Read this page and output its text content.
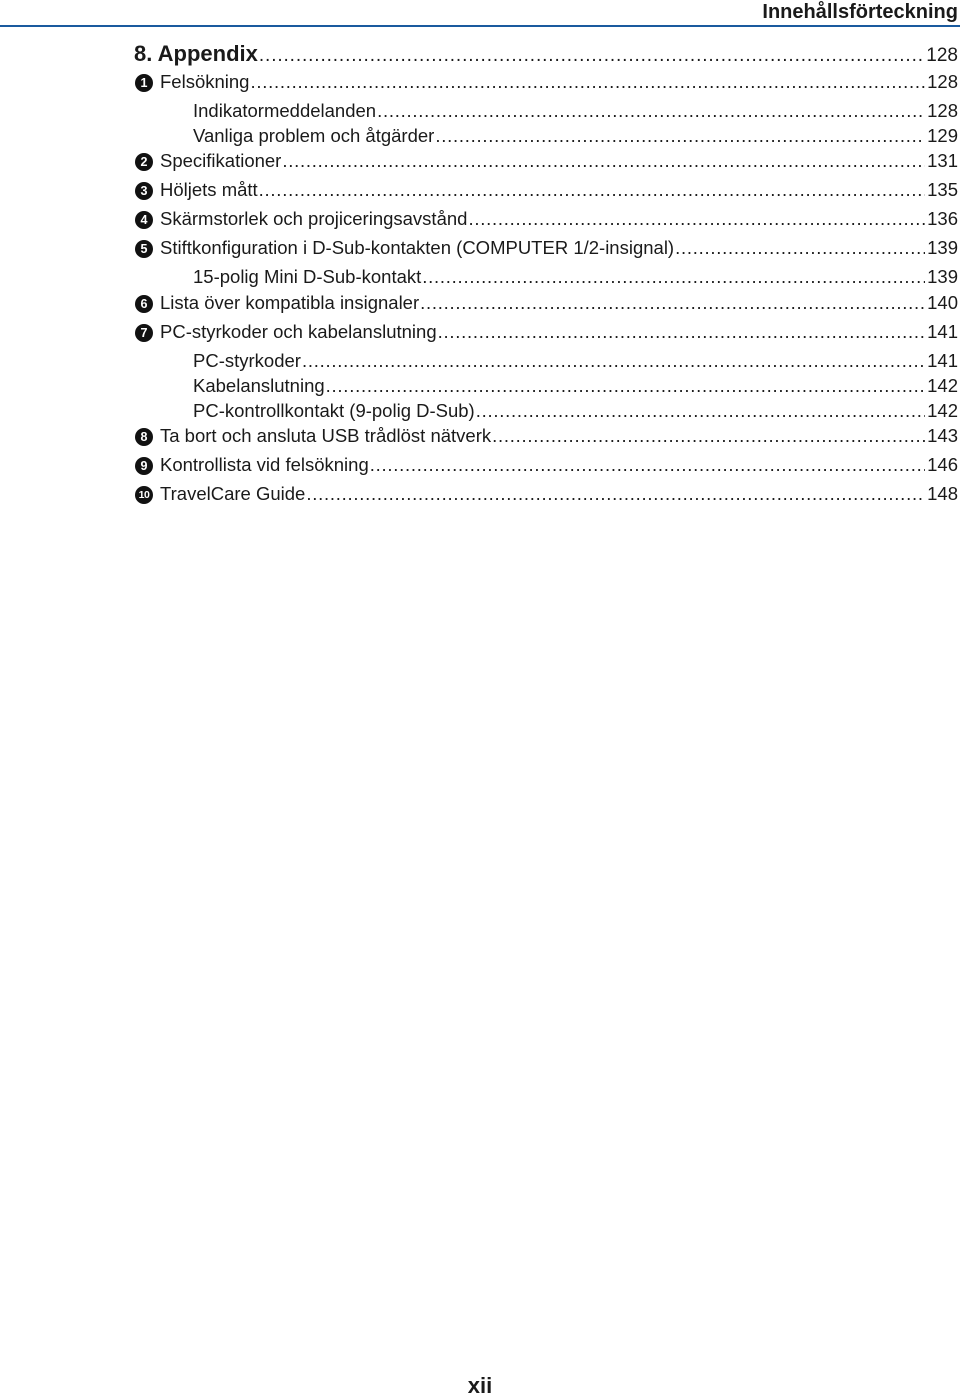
Innehållsförteckning
8. Appendix . . .	128
1 Felsökning . . .	128
Indikatormeddelanden . . .	128
Vanliga problem och åtgärder . . .	129
2 Specifikationer . . .	131
3 Höljets mått . . .	135
4 Skärmstorlek och projiceringsavstånd . . .	136
5 Stiftkonfiguration i D-Sub-kontakten (COMPUTER 1/2-insignal) . . .	139
15-polig Mini D-Sub-kontakt . . .	139
6 Lista över kompatibla insignaler . . .	140
7 PC-styrkoder och kabelanslutning . . .	141
PC-styrkoder . . .	141
Kabelanslutning . . .	142
PC-kontrollkontakt (9-polig D-Sub) . . .	142
8 Ta bort och ansluta USB trådlöst nätverk . . .	143
9 Kontrollista vid felsökning . . .	146
10 TravelCare Guide . . .	148
xii
